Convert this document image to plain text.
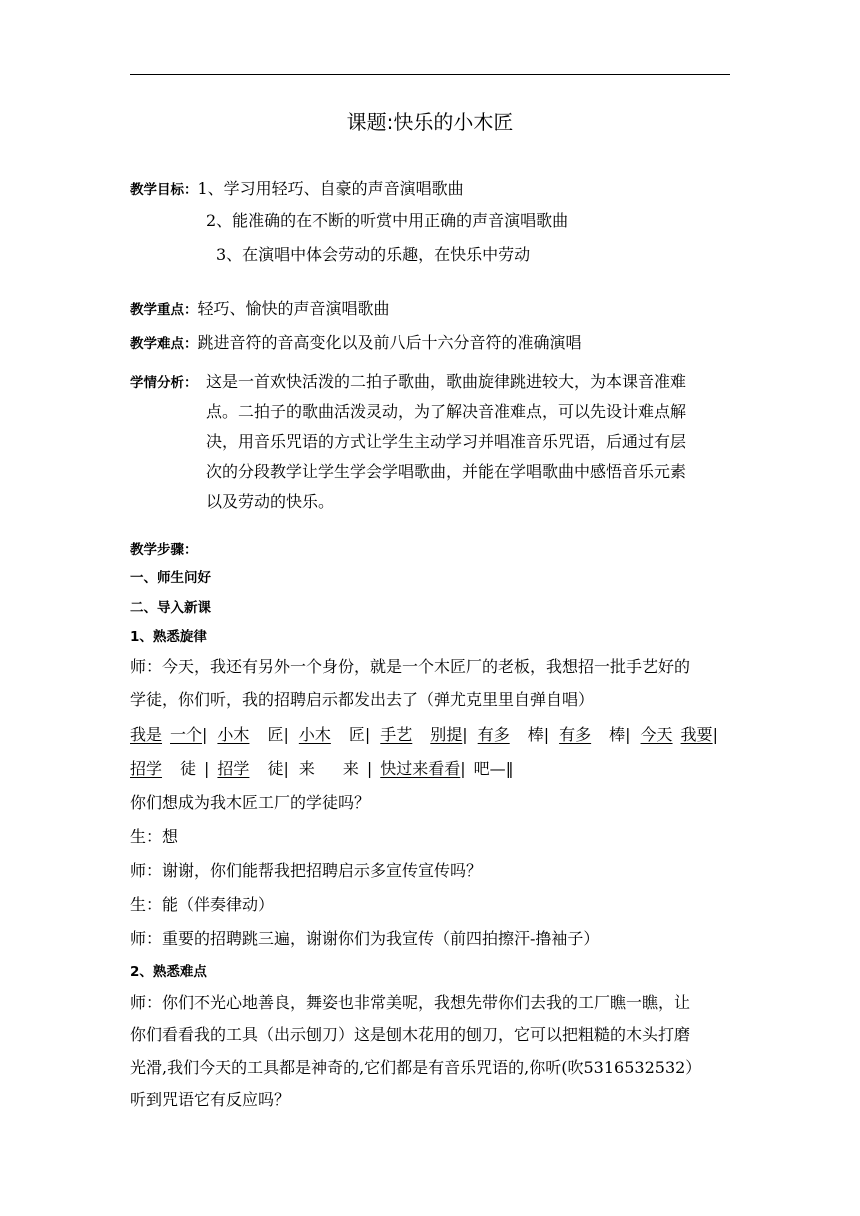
课题:快乐的小木匠
教学目标：1、学习用轻巧、自豪的声音演唱歌曲
2、能准确的在不断的听赏中用正确的声音演唱歌曲
3、在演唱中体会劳动的乐趣，在快乐中劳动
教学重点：轻巧、愉快的声音演唱歌曲
教学难点：跳进音符的音高变化以及前八后十六分音符的准确演唱
学情分析： 这是一首欢快活泼的二拍子歌曲，歌曲旋律跳进较大，为本课音准难
点。二拍子的歌曲活泼灵动，为了解决音准难点，可以先设计难点解
决，用音乐咒语的方式让学生主动学习并唱准音乐咒语，后通过有层
次的分段教学让学生学会学唱歌曲，并能在学唱歌曲中感悟音乐元素
以及劳动的快乐。
教学步骤：
一、师生问好
二、导入新课
1、熟悉旋律
师：今天，我还有另外一个身份，就是一个木匠厂的老板，我想招一批手艺好的
学徒，你们听，我的招聘启示都发出去了（弹尤克里里自弹自唱）
我是 一个| 小木 匠| 小木 匠| 手艺 别提| 有多 棒| 有多 棒| 今天 我要|
招学 徒 | 招学 徒| 来 来 | 快过来看看| 吧—‖
你们想成为我木匠工厂的学徒吗？
生：想
师：谢谢，你们能帮我把招聘启示多宣传宣传吗？
生：能（伴奏律动）
师：重要的招聘跳三遍，谢谢你们为我宣传（前四拍擦汗-撸袖子）
2、熟悉难点
师：你们不光心地善良，舞姿也非常美呢，我想先带你们去我的工厂瞧一瞧，让
你们看看我的工具（出示刨刀）这是刨木花用的刨刀，它可以把粗糙的木头打磨
光滑,我们今天的工具都是神奇的,它们都是有音乐咒语的,你听(吹5316532532）
听到咒语它有反应吗？
